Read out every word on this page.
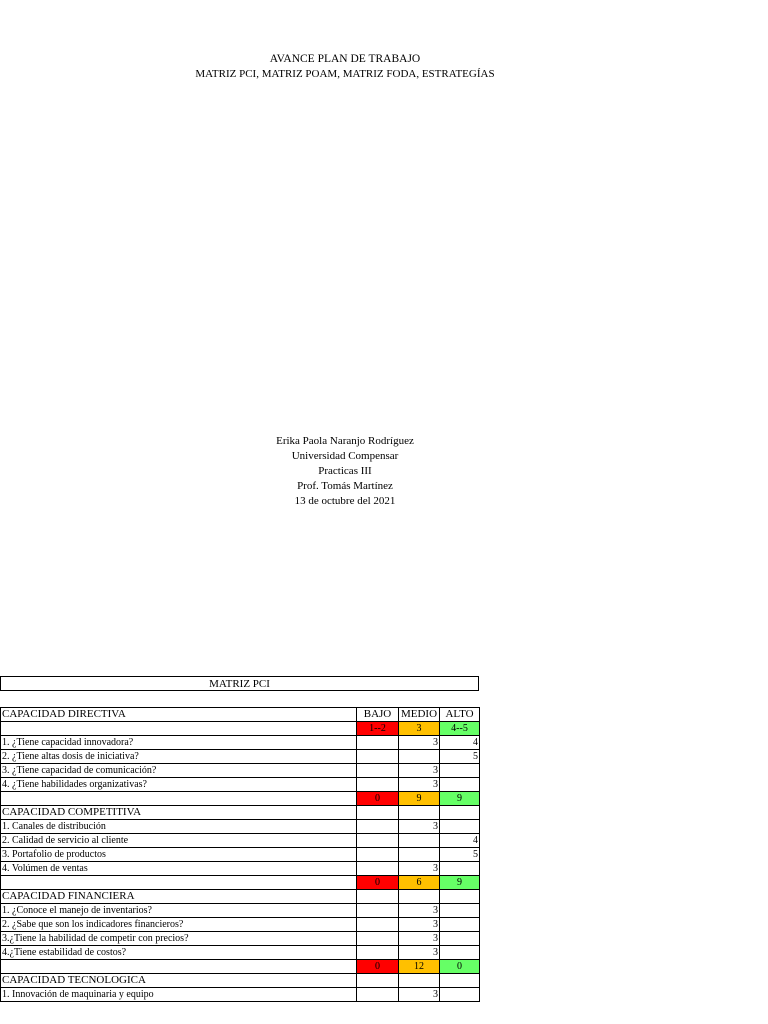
AVANCE PLAN DE TRABAJO
MATRIZ PCI, MATRIZ POAM, MATRIZ FODA, ESTRATEGÍAS
Erika Paola Naranjo Rodríguez
Universidad Compensar
Practicas III
Prof. Tomás Martínez
13 de octubre del 2021
MATRIZ PCI
CAPACIDAD DIRECTIVA	BAJO	MEDIO	ALTO
	1--2	3	4--5
1. ¿Tiene capacidad innovadora?		3	4
2. ¿Tiene altas dosis de iniciativa?			5
3. ¿Tiene capacidad de comunicación?		3	
4. ¿Tiene habilidades organizativas?		3	
	0	9	9
CAPACIDAD COMPETITIVA			
1. Canales de distribución		3	
2. Calidad de servicio al cliente			4
3. Portafolio de productos			5
4. Volúmen de ventas		3	
	0	6	9
CAPACIDAD FINANCIERA			
1. ¿Conoce el manejo de inventarios?		3	
2. ¿Sabe que son los indicadores financieros?		3	
3.¿Tiene la habilidad de competir con precios?		3	
4.¿Tiene estabilidad de costos?		3	
	0	12	0
CAPACIDAD TECNOLOGICA			
1. Innovación de maquinaria y equipo		3	
